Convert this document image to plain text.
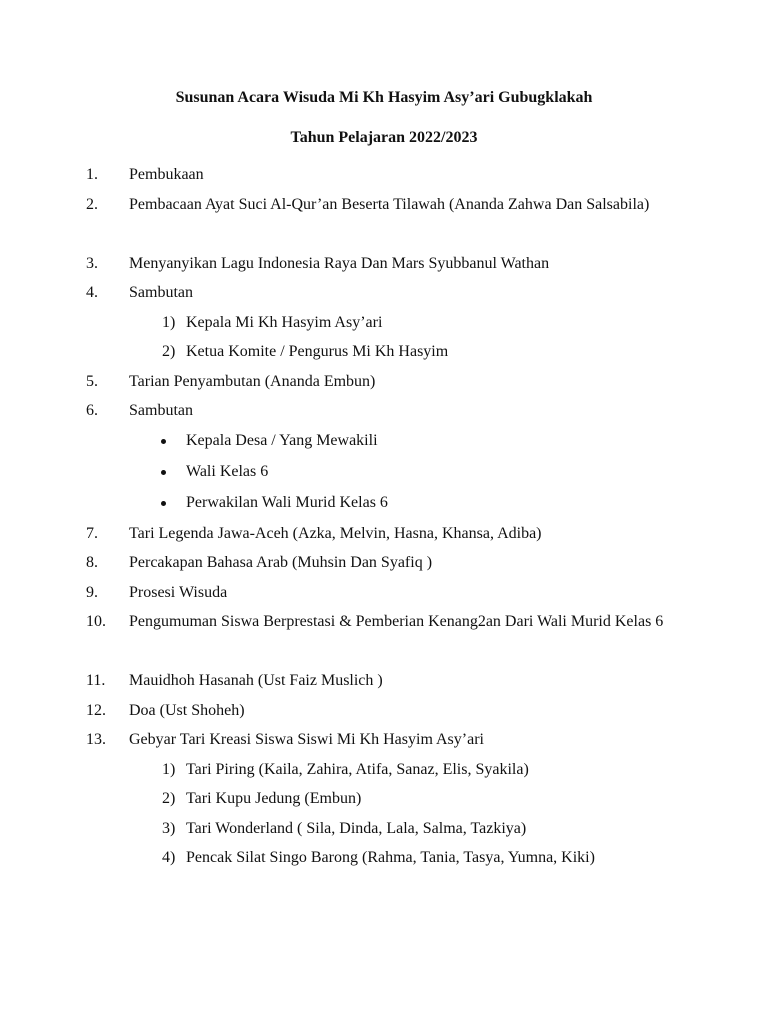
Susunan Acara Wisuda Mi Kh Hasyim Asy’ari Gubugklakah
Tahun Pelajaran 2022/2023
1. Pembukaan
2. Pembacaan Ayat Suci Al-Qur’an Beserta Tilawah (Ananda Zahwa Dan Salsabila)
3. Menyanyikan Lagu Indonesia Raya Dan Mars Syubbanul Wathan
4. Sambutan
1) Kepala Mi Kh Hasyim Asy’ari
2) Ketua Komite / Pengurus Mi Kh Hasyim
5. Tarian Penyambutan (Ananda Embun)
6. Sambutan
Kepala Desa / Yang Mewakili
Wali Kelas 6
Perwakilan Wali Murid Kelas 6
7. Tari Legenda Jawa-Aceh (Azka, Melvin, Hasna, Khansa, Adiba)
8. Percakapan Bahasa Arab (Muhsin Dan Syafiq )
9. Prosesi Wisuda
10. Pengumuman Siswa Berprestasi & Pemberian Kenang2an Dari Wali Murid Kelas 6
11. Mauidhoh Hasanah (Ust Faiz Muslich )
12. Doa (Ust Shoheh)
13. Gebyar Tari Kreasi Siswa Siswi Mi Kh Hasyim Asy’ari
1) Tari Piring (Kaila, Zahira, Atifa, Sanaz, Elis, Syakila)
2) Tari Kupu Jedung (Embun)
3) Tari Wonderland ( Sila, Dinda, Lala, Salma, Tazkiya)
4) Pencak Silat Singo Barong (Rahma, Tania, Tasya, Yumna, Kiki)
